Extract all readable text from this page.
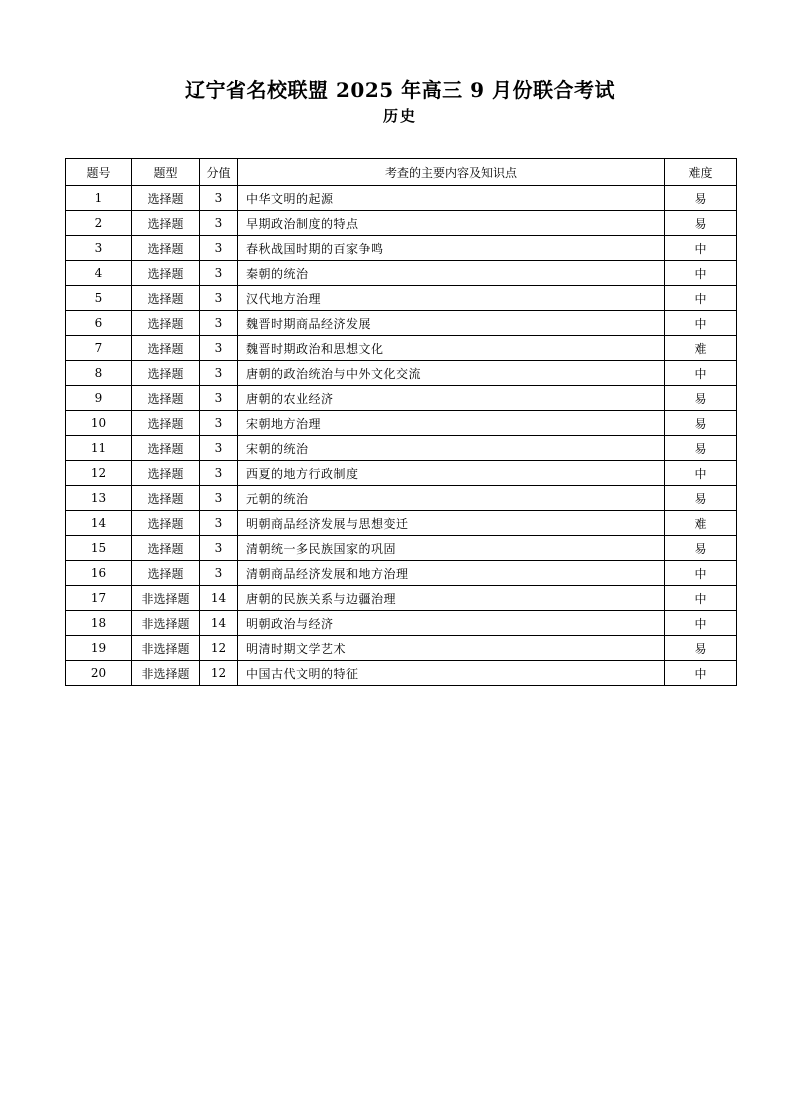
辽宁省名校联盟 2025 年高三 9 月份联合考试
历史
题号	题型	分值	考查的主要内容及知识点	难度
1	选择题	3	中华文明的起源	易
2	选择题	3	早期政治制度的特点	易
3	选择题	3	春秋战国时期的百家争鸣	中
4	选择题	3	秦朝的统治	中
5	选择题	3	汉代地方治理	中
6	选择题	3	魏晋时期商品经济发展	中
7	选择题	3	魏晋时期政治和思想文化	难
8	选择题	3	唐朝的政治统治与中外文化交流	中
9	选择题	3	唐朝的农业经济	易
10	选择题	3	宋朝地方治理	易
11	选择题	3	宋朝的统治	易
12	选择题	3	西夏的地方行政制度	中
13	选择题	3	元朝的统治	易
14	选择题	3	明朝商品经济发展与思想变迁	难
15	选择题	3	清朝统一多民族国家的巩固	易
16	选择题	3	清朝商品经济发展和地方治理	中
17	非选择题	14	唐朝的民族关系与边疆治理	中
18	非选择题	14	明朝政治与经济	中
19	非选择题	12	明清时期文学艺术	易
20	非选择题	12	中国古代文明的特征	中
